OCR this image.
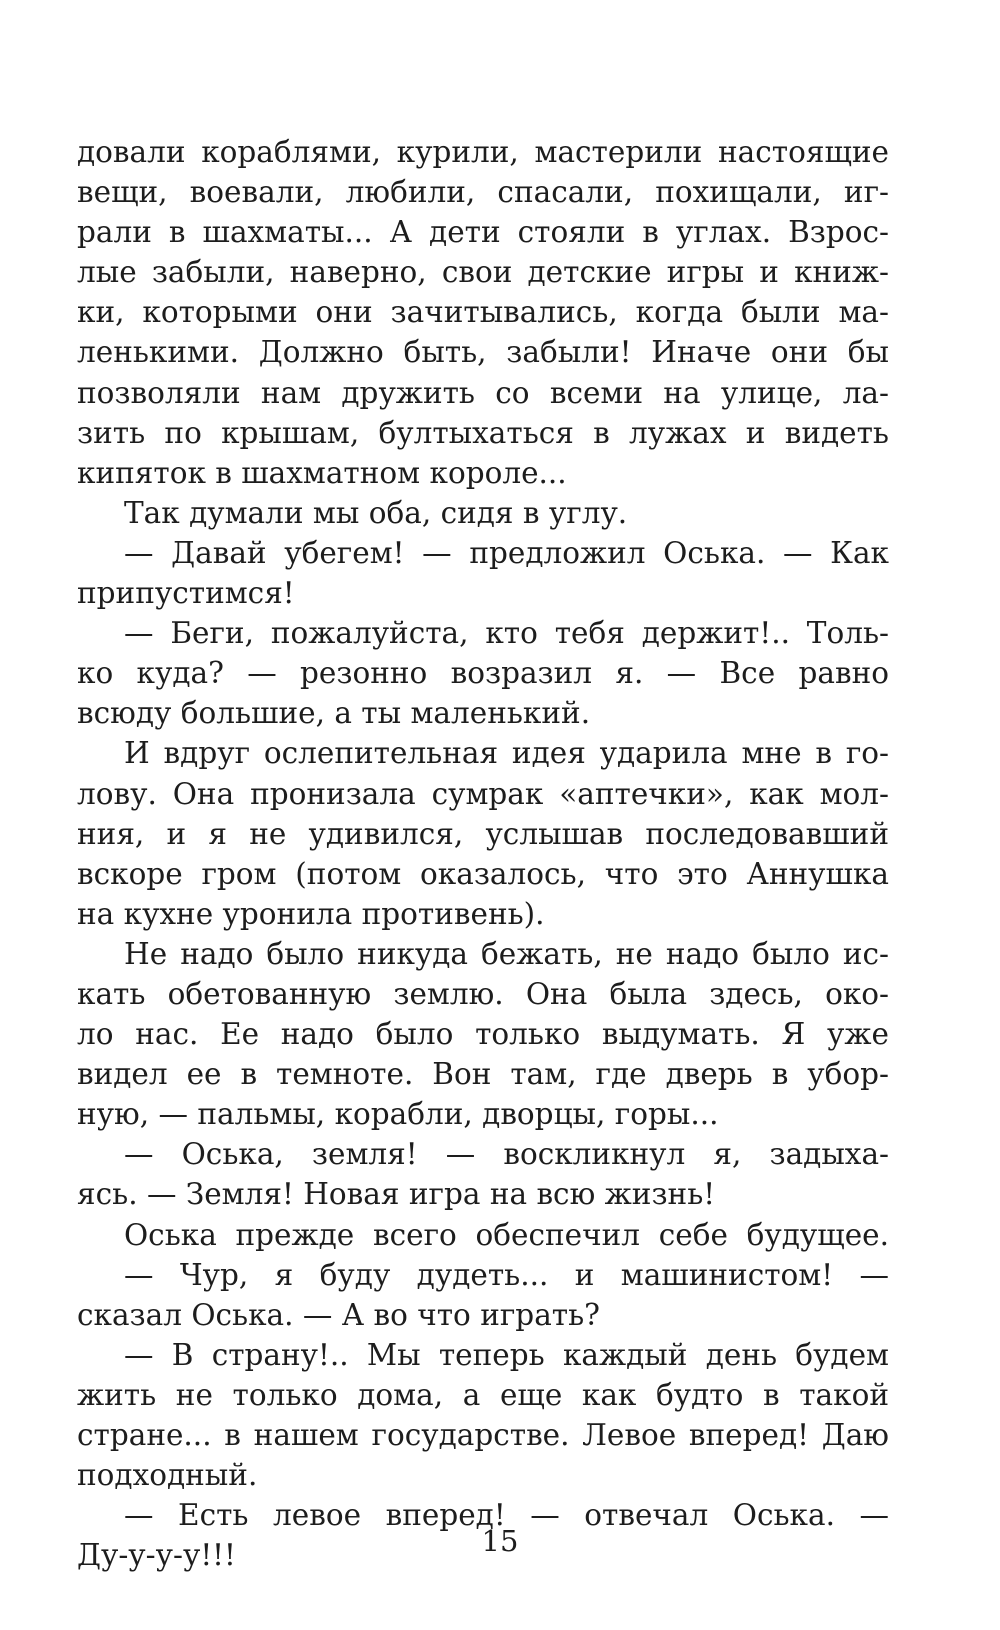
довали кораблями, курили, мастерили настоящие
вещи, воевали, любили, спасали, похищали, иг-
рали в шахматы... А дети стояли в углах. Взрос-
лые забыли, наверно, свои детские игры и книж-
ки, которыми они зачитывались, когда были ма-
ленькими. Должно быть, забыли! Иначе они бы
позволяли нам дружить со всеми на улице, ла-
зить по крышам, бултыхаться в лужах и видеть
кипяток в шахматном короле...
Так думали мы оба, сидя в углу.
— Давай убегем! — предложил Оська. — Как
припустимся!
— Беги, пожалуйста, кто тебя держит!.. Толь-
ко куда? — резонно возразил я. — Все равно
всюду большие, а ты маленький.
И вдруг ослепительная идея ударила мне в го-
лову. Она пронизала сумрак «аптечки», как мол-
ния, и я не удивился, услышав последовавший
вскоре гром (потом оказалось, что это Аннушка
на кухне уронила противень).
Не надо было никуда бежать, не надо было ис-
кать обетованную землю. Она была здесь, око-
ло нас. Ее надо было только выдумать. Я уже
видел ее в темноте. Вон там, где дверь в убор-
ную, — пальмы, корабли, дворцы, горы...
— Оська, земля! — воскликнул я, задыха-
ясь. — Земля! Новая игра на всю жизнь!
Оська прежде всего обеспечил себе будущее.
— Чур, я буду дудеть... и машинистом! —
сказал Оська. — А во что играть?
— В страну!.. Мы теперь каждый день будем
жить не только дома, а еще как будто в такой
стране... в нашем государстве. Левое вперед! Даю
подходный.
— Есть левое вперед! — отвечал Оська. —
Ду-у-у-у!!!	15
